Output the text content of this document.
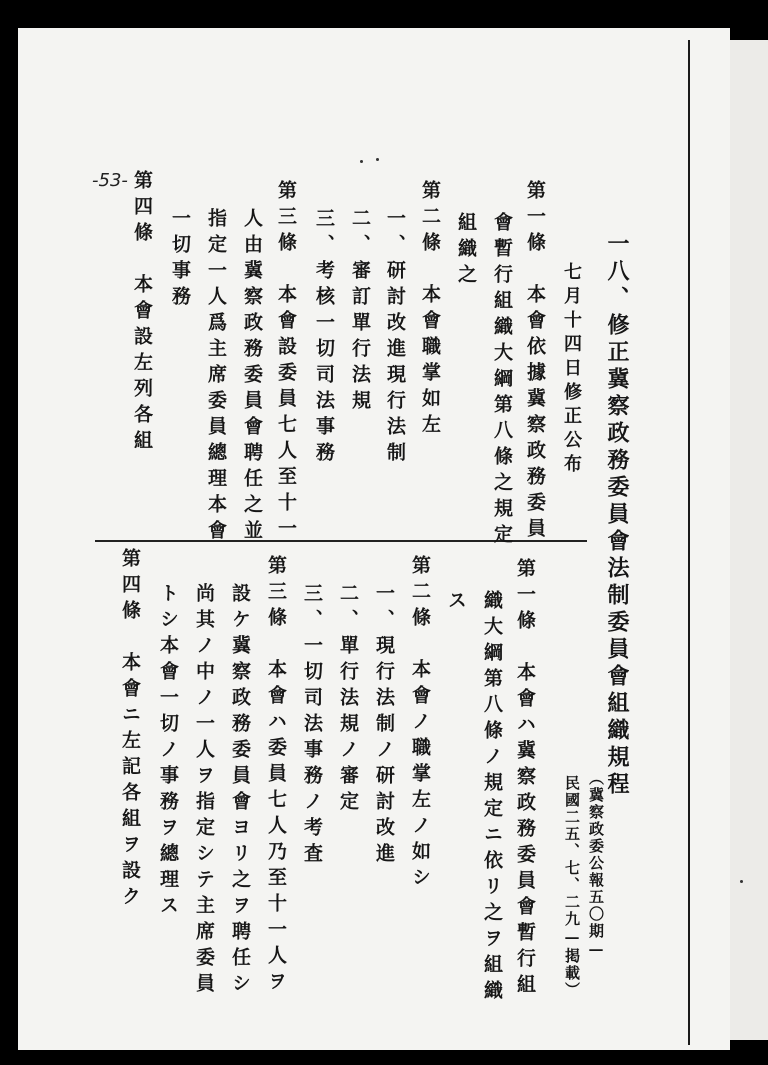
-53-
一八、修正冀察政務委員會法制委員會組織規程
（冀察政委公報五〇期—
民國二五、七、二九—掲載）
七月十四日修正公布
第一條　本會依據冀察政務委員
會暫行組織大綱第八條之規定
組織之
第二條　本會職掌如左
一、研討改進現行法制
二、審訂單行法規
三、考核一切司法事務
第三條　本會設委員七人至十一
人由冀察政務委員會聘任之並
指定一人爲主席委員總理本會
一切事務
第四條　本會設左列各組
第一條　本會ハ冀察政務委員會暫行組
織大綱第八條ノ規定ニ依リ之ヲ組織
ス
第二條　本會ノ職掌左ノ如シ
一、現行法制ノ研討改進
二、單行法規ノ審定
三、一切司法事務ノ考査
第三條　本會ハ委員七人乃至十一人ヲ
設ケ冀察政務委員會ヨリ之ヲ聘任シ
尚其ノ中ノ一人ヲ指定シテ主席委員
トシ本會一切ノ事務ヲ總理ス
第四條　本會ニ左記各組ヲ設ク
